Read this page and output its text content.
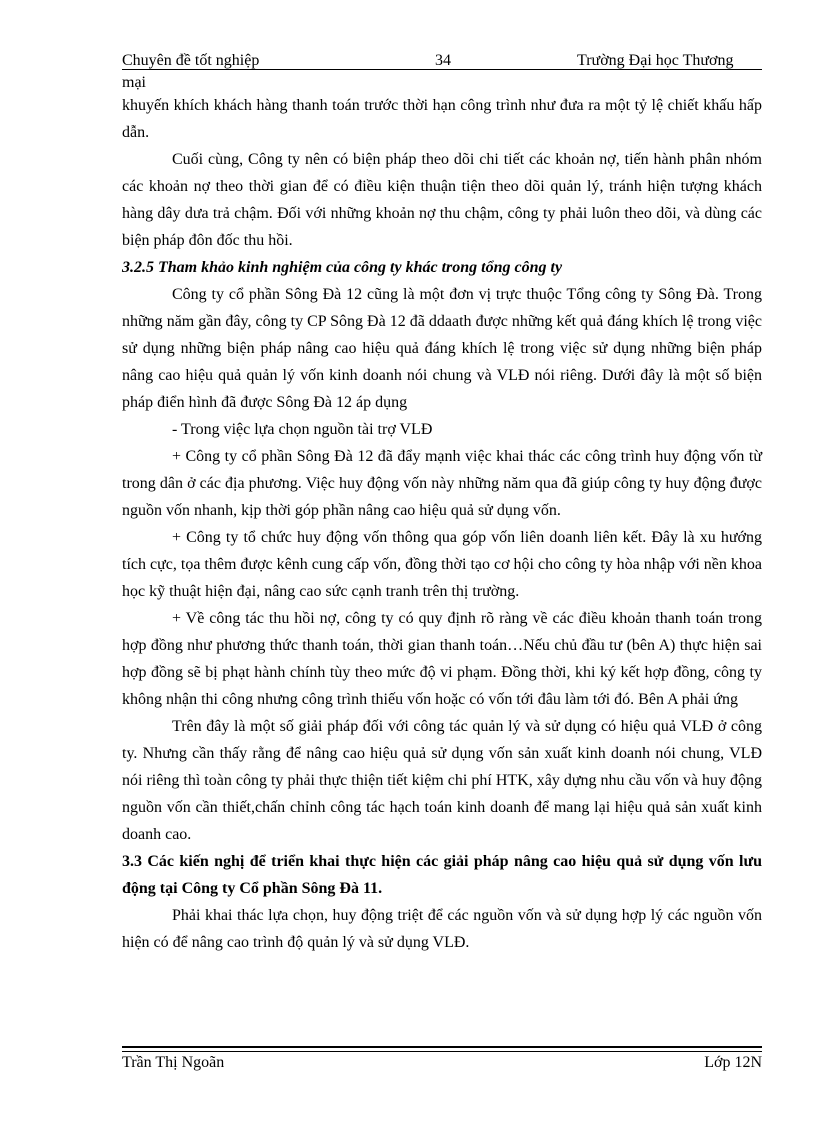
Chuyên đề tốt nghiệp	34	Trường Đại học Thương
mại

khuyến khích khách hàng thanh toán trước thời hạn công trình như đưa ra một tỷ lệ chiết khấu hấp dẫn.

Cuối cùng, Công ty nên có biện pháp theo dõi chi tiết các khoản nợ, tiến hành phân nhóm các khoản nợ theo thời gian để có điều kiện thuận tiện theo dõi quản lý, tránh hiện tượng khách hàng dây dưa trả chậm. Đối với những khoản nợ thu chậm, công ty phải luôn theo dõi, và dùng các biện pháp đôn đốc thu hồi.

3.2.5 Tham khảo kinh nghiệm của công ty khác trong tổng công ty

Công ty cổ phần Sông Đà 12 cũng là một đơn vị trực thuộc Tổng công ty Sông Đà. Trong những năm gần đây, công ty CP Sông Đà 12 đã ddaath được những kết quả đáng khích lệ trong việc sử dụng những biện pháp nâng cao hiệu quả đáng khích lệ trong việc sử dụng những biện pháp nâng cao hiệu quả quản lý vốn kinh doanh nói chung và VLĐ nói riêng. Dưới đây là một số biện pháp điển hình đã được Sông Đà 12 áp dụng

- Trong việc lựa chọn nguồn tài trợ VLĐ

+ Công ty cổ phần Sông Đà 12 đã đẩy mạnh việc khai thác các công trình huy động vốn từ trong dân ở các địa phương. Việc huy động vốn này những năm qua đã giúp công ty huy động được nguồn vốn nhanh, kịp thời góp phần nâng cao hiệu quả sử dụng vốn.

+ Công ty tổ chức huy động vốn thông qua góp vốn liên doanh liên kết. Đây là xu hướng tích cực, tọa thêm được kênh cung cấp vốn, đồng thời tạo cơ hội cho công ty hòa nhập với nền khoa học kỹ thuật hiện đại, nâng cao sức cạnh tranh trên thị trường.

+ Về công tác thu hồi nợ, công ty có quy định rõ ràng về các điều khoản thanh toán trong hợp đồng như phương thức thanh toán, thời gian thanh toán…Nếu chủ đầu tư (bên A) thực hiện sai hợp đồng sẽ bị phạt hành chính tùy theo mức độ vi phạm. Đồng thời, khi ký kết hợp đồng, công ty không nhận thi công nhưng công trình thiếu vốn hoặc có vốn tới đâu làm tới đó. Bên A phải ứng

Trên đây là một số giải pháp đối với công tác quản lý và sử dụng có hiệu quả VLĐ ở công ty. Nhưng cần thấy rằng để nâng cao hiệu quả sử dụng vốn sản xuất kinh doanh nói chung, VLĐ nói riêng thì toàn công ty phải thực thiện tiết kiệm chi phí HTK, xây dựng nhu cầu vốn và huy động nguồn vốn cần thiết,chấn chỉnh công tác hạch toán kinh doanh để mang lại hiệu quả sản xuất kinh doanh cao.

3.3 Các kiến nghị để triển khai thực hiện các giải pháp nâng cao hiệu quả sử dụng vốn lưu động tại Công ty Cổ phần Sông Đà 11.

Phải khai thác lựa chọn, huy động triệt để các nguồn vốn và sử dụng hợp lý các nguồn vốn hiện có để nâng cao trình độ quản lý và sử dụng VLĐ.

Trần Thị Ngoãn	Lớp 12N
